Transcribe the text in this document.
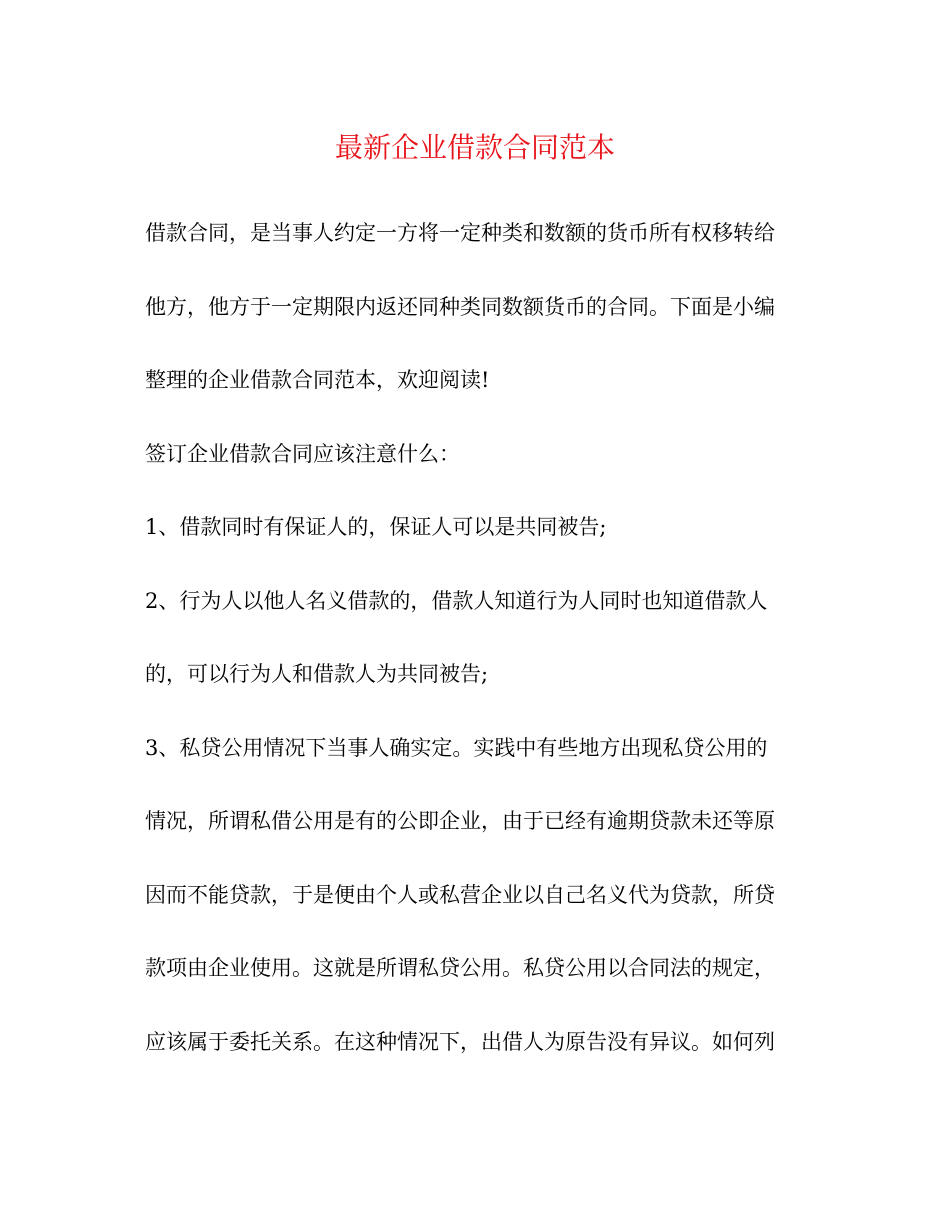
最新企业借款合同范本

借款合同，是当事人约定一方将一定种类和数额的货币所有权移转给

他方，他方于一定期限内返还同种类同数额货币的合同。下面是小编

整理的企业借款合同范本，欢迎阅读!

签订企业借款合同应该注意什么：

1、借款同时有保证人的，保证人可以是共同被告;

2、行为人以他人名义借款的，借款人知道行为人同时也知道借款人

的，可以行为人和借款人为共同被告;

3、私贷公用情况下当事人确实定。实践中有些地方出现私贷公用的

情况，所谓私借公用是有的公即企业，由于已经有逾期贷款未还等原

因而不能贷款，于是便由个人或私营企业以自己名义代为贷款，所贷

款项由企业使用。这就是所谓私贷公用。私贷公用以合同法的规定，

应该属于委托关系。在这种情况下，出借人为原告没有异议。如何列
